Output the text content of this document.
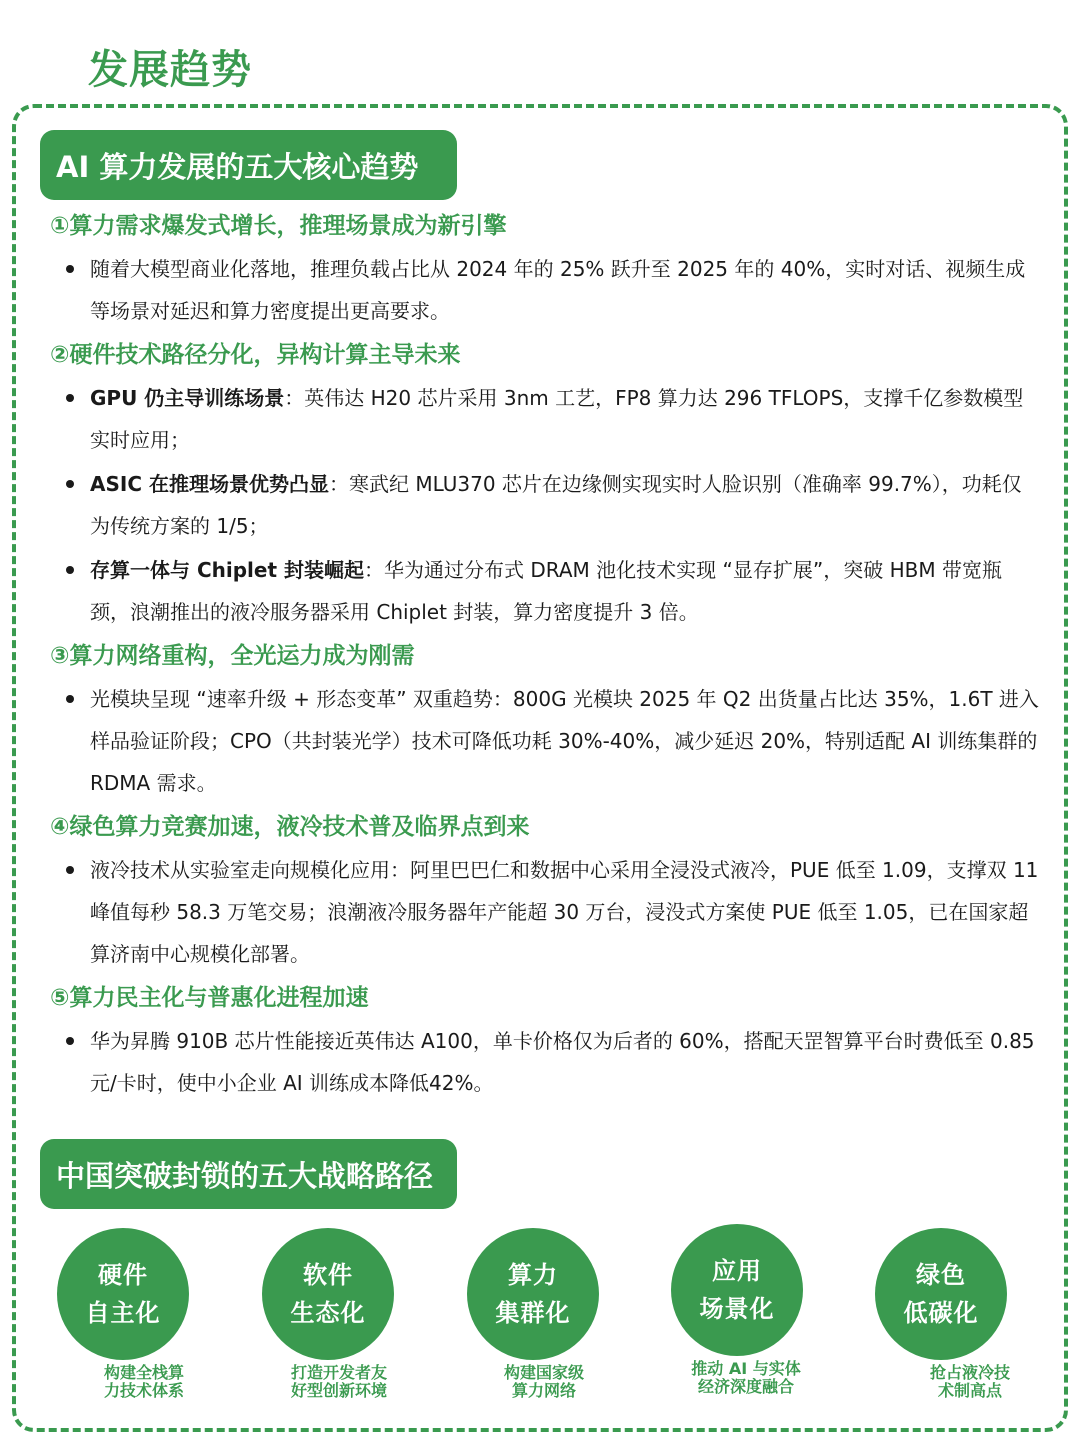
发展趋势
AI 算力发展的五大核心趋势
①算力需求爆发式增长，推理场景成为新引擎
随着大模型商业化落地，推理负载占比从 2024 年的 25% 跃升至 2025 年的 40%，实时对话、视频生成等场景对延迟和算力密度提出更高要求。
②硬件技术路径分化，异构计算主导未来
GPU 仍主导训练场景：英伟达 H20 芯片采用 3nm 工艺，FP8 算力达 296 TFLOPS，支撑千亿参数模型实时应用；
ASIC 在推理场景优势凸显：寒武纪 MLU370 芯片在边缘侧实现实时人脸识别（准确率 99.7%），功耗仅为传统方案的 1/5；
存算一体与 Chiplet 封装崛起：华为通过分布式 DRAM 池化技术实现 “显存扩展”，突破 HBM 带宽瓶颈，浪潮推出的液冷服务器采用 Chiplet 封装，算力密度提升 3 倍。
③算力网络重构，全光运力成为刚需
光模块呈现 “速率升级 + 形态变革” 双重趋势：800G 光模块 2025 年 Q2 出货量占比达 35%，1.6T 进入样品验证阶段；CPO（共封装光学）技术可降低功耗 30%-40%，减少延迟 20%，特别适配 AI 训练集群的 RDMA 需求。
④绿色算力竞赛加速，液冷技术普及临界点到来
液冷技术从实验室走向规模化应用：阿里巴巴仁和数据中心采用全浸没式液冷，PUE 低至 1.09，支撑双 11 峰值每秒 58.3 万笔交易；浪潮液冷服务器年产能超 30 万台，浸没式方案使 PUE 低至 1.05，已在国家超算济南中心规模化部署。
⑤算力民主化与普惠化进程加速
华为昇腾 910B 芯片性能接近英伟达 A100，单卡价格仅为后者的 60%，搭配天罡智算平台时费低至 0.85 元/卡时，使中小企业 AI 训练成本降低42%。
中国突破封锁的五大战略路径
硬件
自主化
构建全栈算
力技术体系
软件
生态化
打造开发者友
好型创新环境
算力
集群化
构建国家级
算力网络
应用
场景化
推动 AI 与实体
经济深度融合
绿色
低碳化
抢占液冷技
术制高点
